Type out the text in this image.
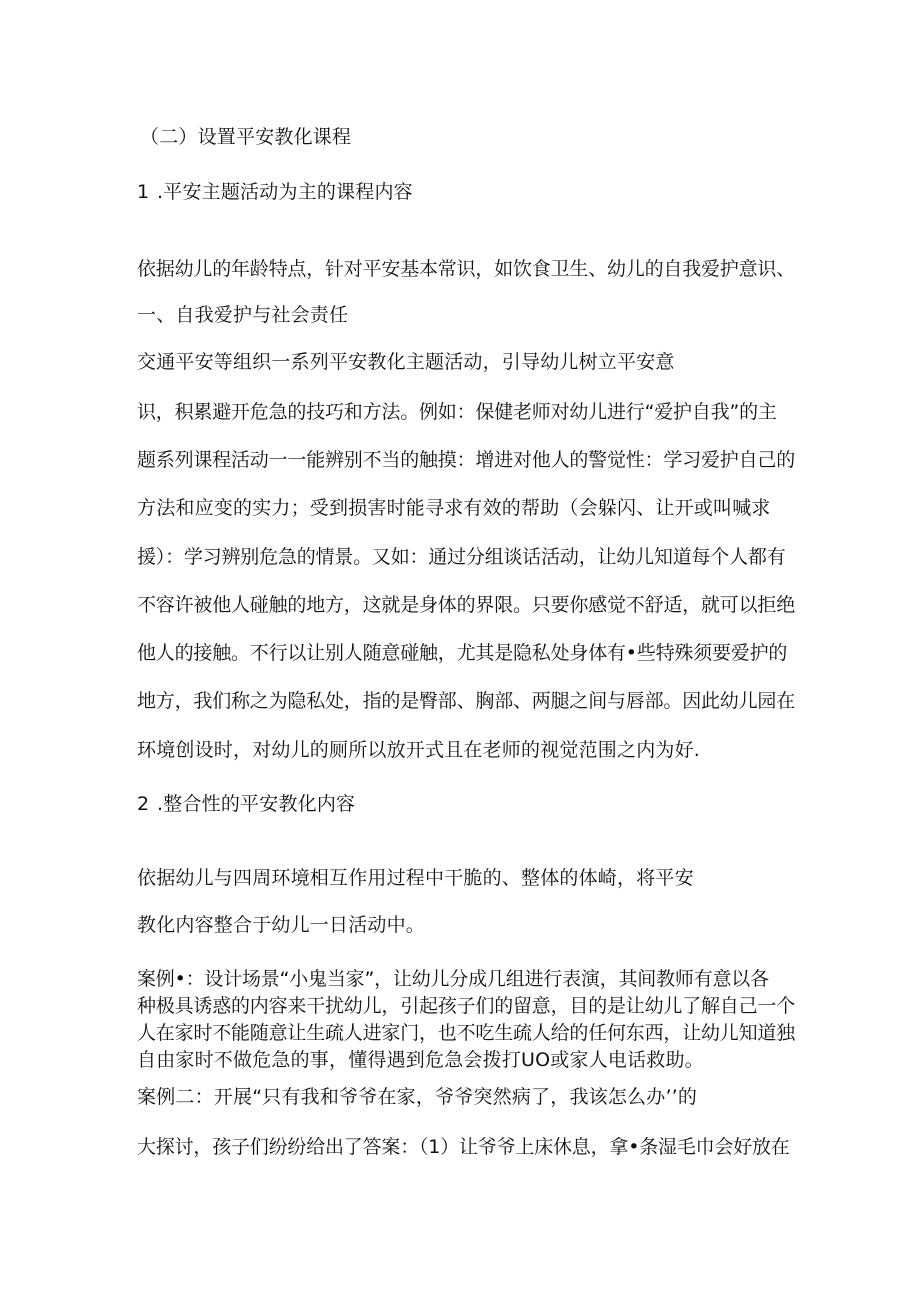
（二）设置平安教化课程
1 .平安主题活动为主的课程内容
依据幼儿的年龄特点，针对平安基本常识，如饮食卫生、幼儿的自我爱护意识、
一、自我爱护与社会责任
交通平安等组织一系列平安教化主题活动，引导幼儿树立平安意
识，积累避开危急的技巧和方法。例如：保健老师对幼儿进行“爱护自我”的主
题系列课程活动一一能辨别不当的触摸：增进对他人的警觉性：学习爱护自己的
方法和应变的实力；受到损害时能寻求有效的帮助（会躲闪、让开或叫喊求
援）：学习辨别危急的情景。又如：通过分组谈话活动，让幼儿知道每个人都有
不容许被他人碰触的地方，这就是身体的界限。只要你感觉不舒适，就可以拒绝
他人的接触。不行以让别人随意碰触，尤其是隐私处身体有•些特殊须要爱护的
地方，我们称之为隐私处，指的是臀部、胸部、两腿之间与唇部。因此幼儿园在
环境创设时，对幼儿的厕所以放开式且在老师的视觉范围之内为好.
2 .整合性的平安教化内容
依据幼儿与四周环境相互作用过程中干脆的、整体的体崎，将平安
教化内容整合于幼儿一日活动中。
案例•：设计场景“小鬼当家”，让幼儿分成几组进行表演，其间教师有意以各
种极具诱惑的内容来干扰幼儿，引起孩子们的留意，目的是让幼儿了解自己一个
人在家时不能随意让生疏人进家门，也不吃生疏人给的任何东西，让幼儿知道独
自由家时不做危急的事，懂得遇到危急会拨打UO或家人电话救助。
案例二：开展“只有我和爷爷在家，爷爷突然病了，我该怎么办’’的
大探讨，孩子们纷纷给出了答案：（1）让爷爷上床休息，拿•条湿毛巾会好放在
